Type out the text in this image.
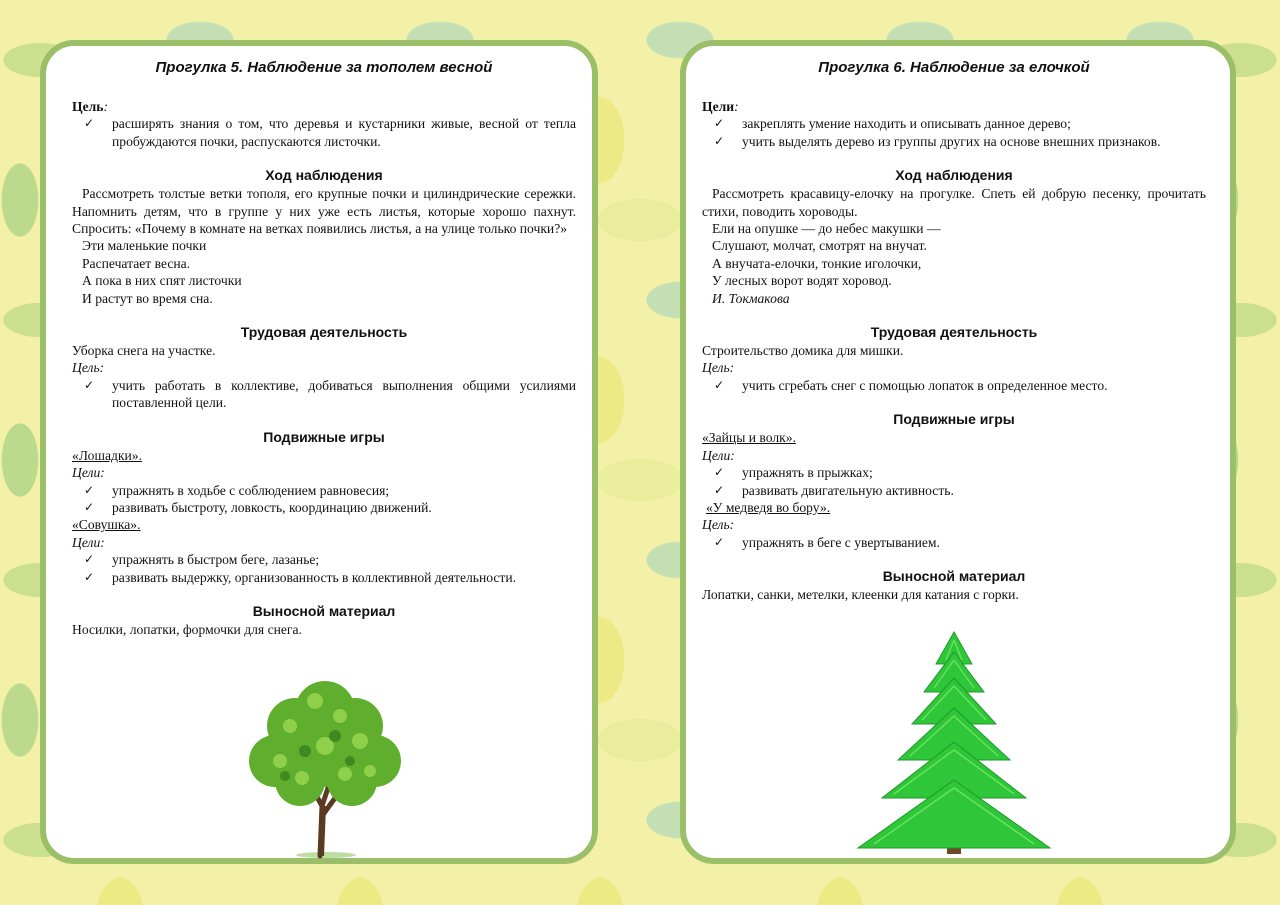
Прогулка 5. Наблюдение за тополем весной

Цель:

✓ расширять знания о том, что деревья и кустарники живые, весной от тепла пробуждаются почки, распускаются листочки.
Ход наблюдения

Рассмотреть толстые ветки тополя, его крупные почки и цилиндрические сережки. Напомнить детям, что в группе у них уже есть листья, которые хорошо пахнут. Спросить: «Почему в комнате на ветках появились листья, а на улице только почки?»

Эти маленькие почки

Распечатает весна.

А пока в них спят листочки

И растут во время сна.

Трудовая деятельность

Уборка снега на участке.

Цель:

✓ учить работать в коллективе, добиваться выполнения общими усилиями поставленной цели.
Подвижные игры

«Лошадки».

Цели:

✓ упражнять в ходьбе с соблюдением равновесия;
✓ развивать быстроту, ловкость, координацию движений.

«Совушка».

Цели:

✓ упражнять в быстром беге, лазанье;
✓ развивать выдержку, организованность в коллективной деятельности.
Выносной материал

Носилки, лопатки, формочки для снега.

Прогулка 6. Наблюдение за елочкой

Цели:

✓ закреплять умение находить и описывать данное дерево;
✓ учить выделять дерево из группы других на основе внешних признаков.
Ход наблюдения

Рассмотреть красавицу-елочку на прогулке. Спеть ей добрую песенку, прочитать стихи, поводить хороводы.

Ели на опушке — до небес макушки —

Слушают, молчат, смотрят на внучат.

А внучата-елочки, тонкие иголочки,

У лесных ворот водят хоровод.

И. Токмакова

Трудовая деятельность

Строительство домика для мишки.

Цель:

✓ учить сгребать снег с помощью лопаток в определенное место.
Подвижные игры

«Зайцы и волк».

Цели:

✓ упражнять в прыжках;
✓ развивать двигательную активность.

«У медведя во бору».

Цель:

✓ упражнять в беге с увертыванием.
Выносной материал

Лопатки, санки, метелки, клеенки для катания с горки.
